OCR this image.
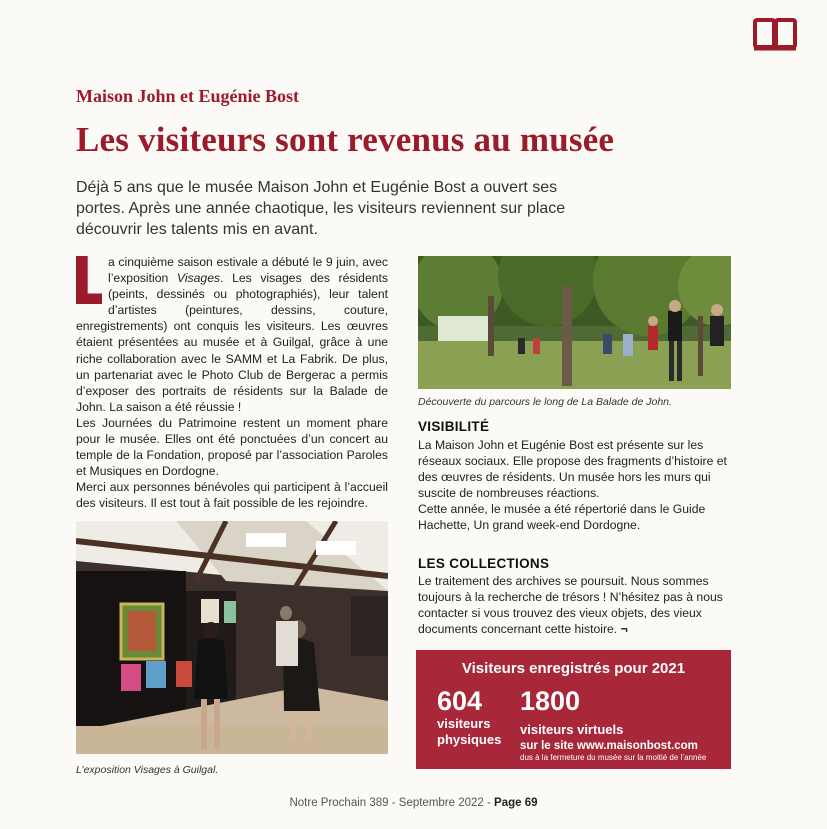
Maison John et Eugénie Bost
Les visiteurs sont revenus au musée
Déjà 5 ans que le musée Maison John et Eugénie Bost a ouvert ses portes. Après une année chaotique, les visiteurs reviennent sur place découvrir les talents mis en avant.
a cinquième saison estivale a débuté le 9 juin, avec l’exposition Visages. Les visages des résidents (peints, dessinés ou photographiés), leur talent d’artistes (peintures, dessins, couture, enregistrements) ont conquis les visiteurs. Les œuvres étaient présentées au musée et à Guilgal, grâce à une riche collaboration avec le SAMM et La Fabrik. De plus, un partenariat avec le Photo Club de Bergerac a permis d’exposer des portraits de résidents sur la Balade de John. La saison a été réussie !
Les Journées du Patrimoine restent un moment phare pour le musée. Elles ont été ponctuées d’un concert au temple de la Fondation, proposé par l’association Paroles et Musiques en Dordogne.
Merci aux personnes bénévoles qui participent à l’accueil des visiteurs. Il est tout à fait possible de les rejoindre.
L’exposition Visages à Guilgal.
Découverte du parcours le long de La Balade de John.
VISIBILITÉ
La Maison John et Eugénie Bost est présente sur les réseaux sociaux. Elle propose des fragments d’histoire et des œuvres de résidents. Un musée hors les murs qui suscite de nombreuses réactions.
Cette année, le musée a été répertorié dans le Guide Hachette, Un grand week-end Dordogne.
LES COLLECTIONS
Le traitement des archives se poursuit. Nous sommes toujours à la recherche de trésors ! N’hésitez pas à nous contacter si vous trouvez des vieux objets, des vieux documents concernant cette histoire. ¬
Visiteurs enregistrés pour 2021
604
visiteurs
physiques
1800
visiteurs virtuels
sur le site www.maisonbost.com
dus à la fermeture du musée sur la moitié de l’année
Notre Prochain 389 - Septembre 2022 - Page 69
